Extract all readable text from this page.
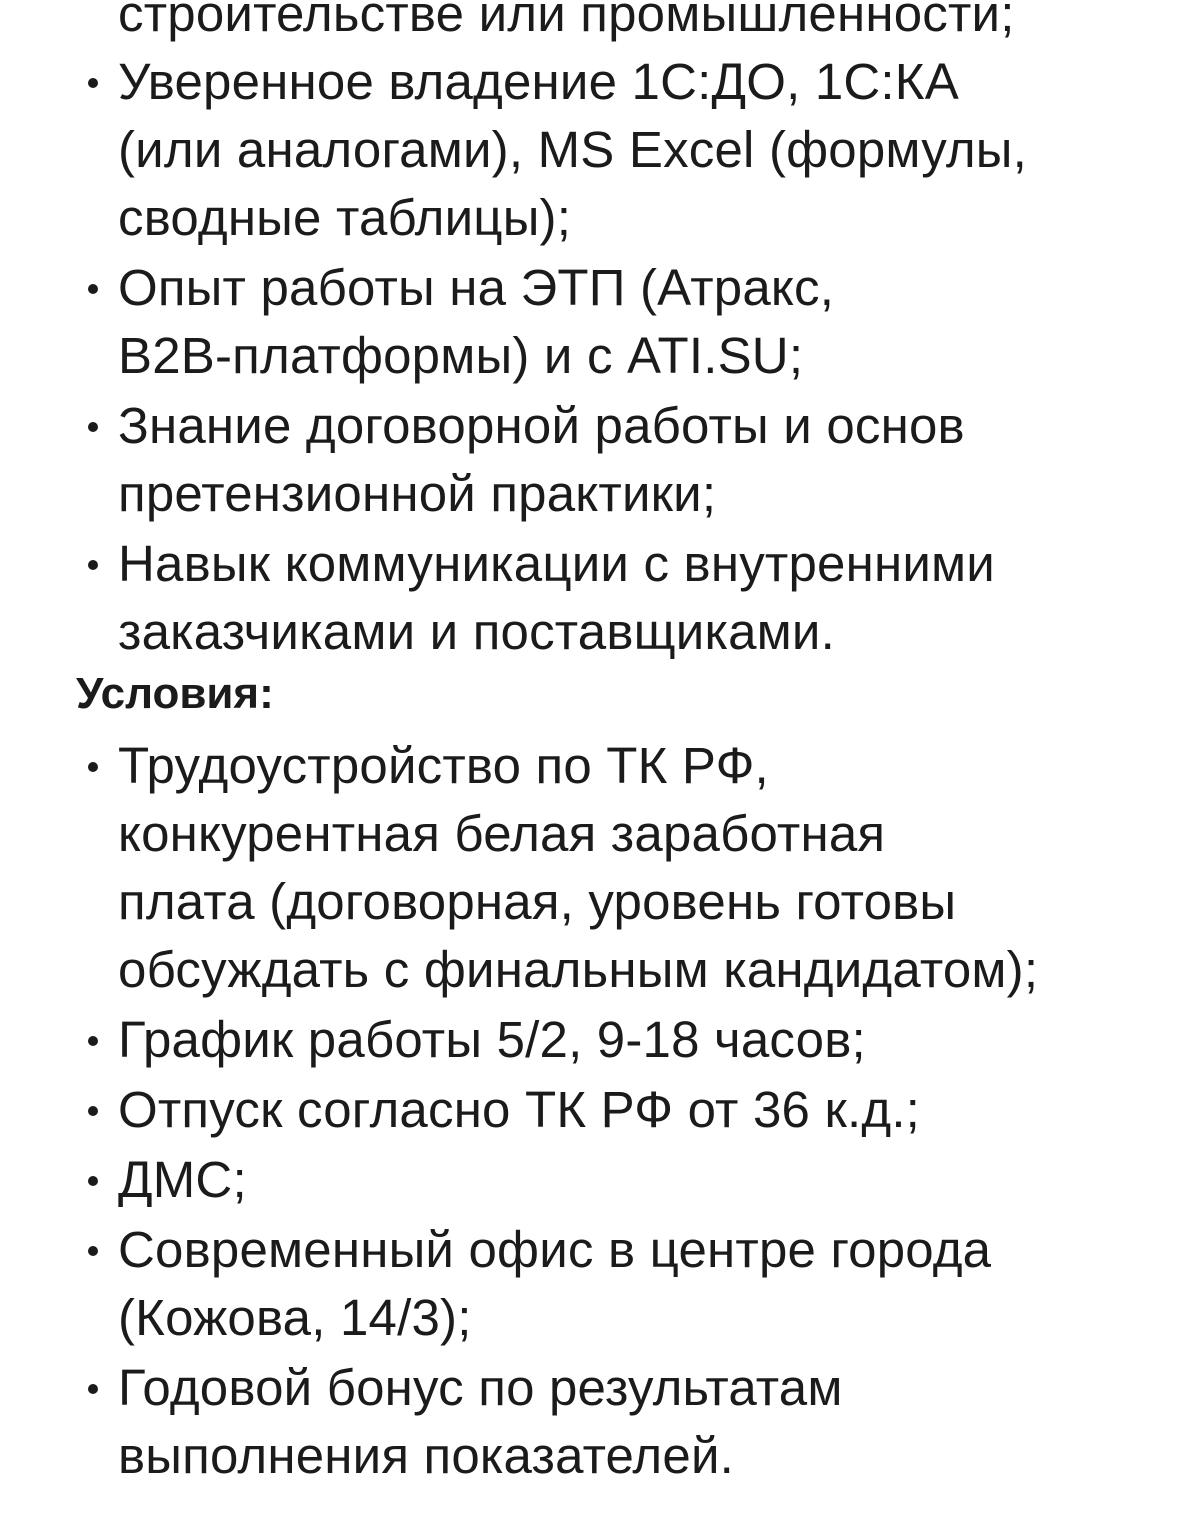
строительстве или промышленности;
Уверенное владение 1С:ДО, 1С:КА
(или аналогами), MS Excel (формулы,
сводные таблицы);
Опыт работы на ЭТП (Атракс,
B2B-платформы) и с ATI.SU;
Знание договорной работы и основ
претензионной практики;
Навык коммуникации с внутренними
заказчиками и поставщиками.
Условия:
Трудоустройство по ТК РФ,
конкурентная белая заработная
плата (договорная, уровень готовы
обсуждать с финальным кандидатом);
График работы 5/2, 9-18 часов;
Отпуск согласно ТК РФ от 36 к.д.;
ДМС;
Современный офис в центре города
(Кожова, 14/3);
Годовой бонус по результатам
выполнения показателей.
